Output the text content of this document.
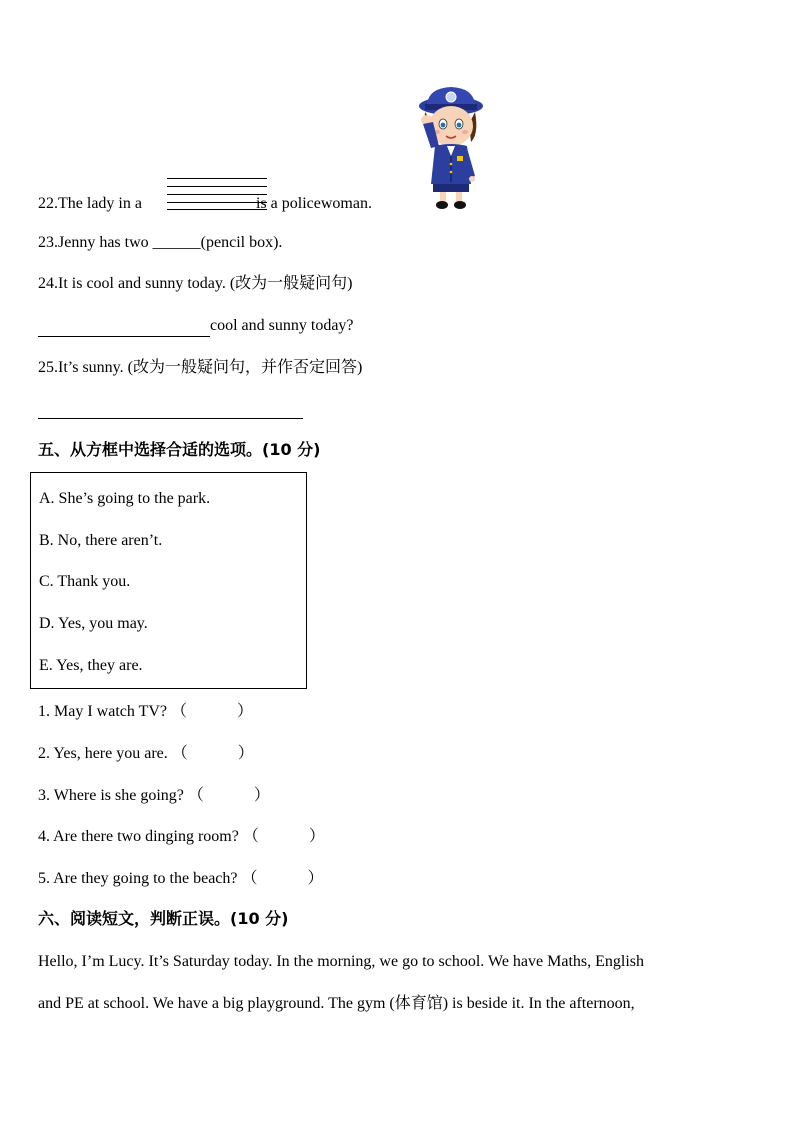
22.The lady in a	is a policewoman.
23.Jenny has two ______(pencil box).
24.It is cool and sunny today. (改为一般疑问句)
cool and sunny today?
25.It’s sunny. (改为一般疑问句，并作否定回答)
五、从方框中选择合适的选项。(10 分)
A. She’s going to the park.
B. No, there aren’t.
C. Thank you.
D. Yes, you may.
E. Yes, they are.
1. May I watch TV? （	）
2. Yes, here you are. （	）
3. Where is she going? （	）
4. Are there two dinging room? （	）
5. Are they going to the beach? （	）
六、阅读短文，判断正误。(10 分)
Hello, I’m Lucy. It’s Saturday today. In the morning, we go to school. We have Maths, English
and PE at school. We have a big playground. The gym (体育馆) is beside it. In the afternoon,
